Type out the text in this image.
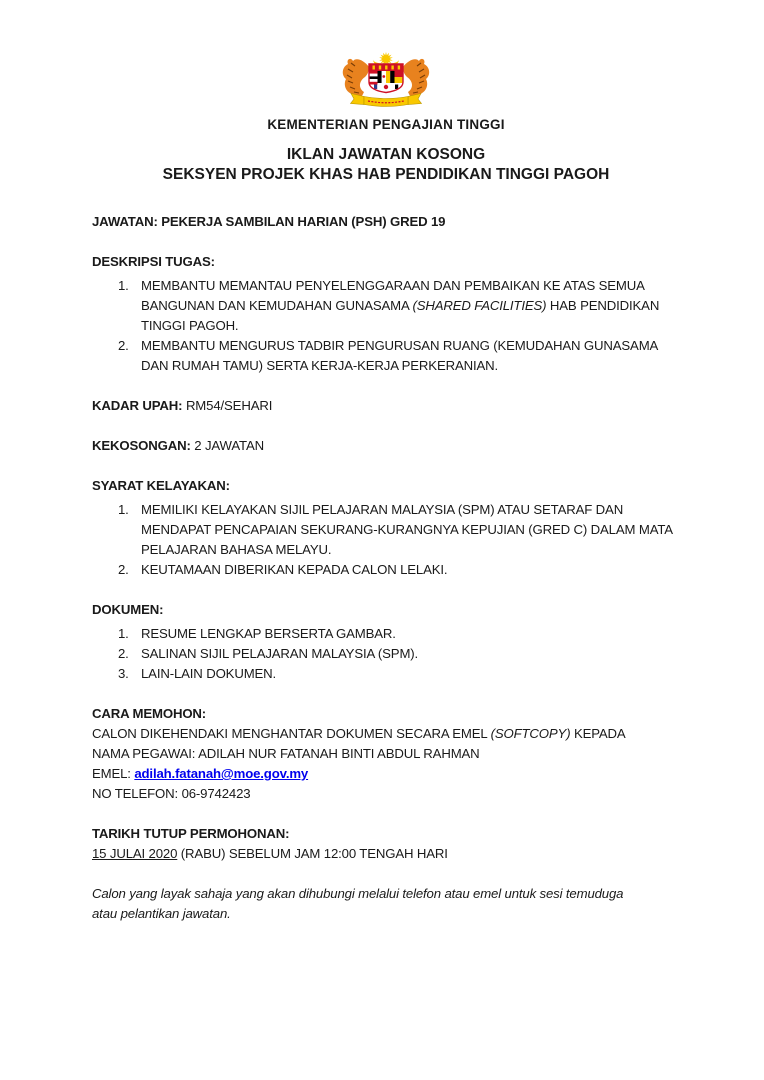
KEMENTERIAN PENGAJIAN TINGGI
IKLAN JAWATAN KOSONG
SEKSYEN PROJEK KHAS HAB PENDIDIKAN TINGGI PAGOH
JAWATAN: PEKERJA SAMBILAN HARIAN (PSH) GRED 19
DESKRIPSI TUGAS:
1. MEMBANTU MEMANTAU PENYELENGGARAAN DAN PEMBAIKAN KE ATAS SEMUA
BANGUNAN DAN KEMUDAHAN GUNASAMA (SHARED FACILITIES) HAB PENDIDIKAN
TINGGI PAGOH.
2. MEMBANTU MENGURUS TADBIR PENGURUSAN RUANG (KEMUDAHAN GUNASAMA
DAN RUMAH TAMU) SERTA KERJA-KERJA PERKERANIAN.
KADAR UPAH: RM54/SEHARI
KEKOSONGAN: 2 JAWATAN
SYARAT KELAYAKAN:
1. MEMILIKI KELAYAKAN SIJIL PELAJARAN MALAYSIA (SPM) ATAU SETARAF DAN
MENDAPAT PENCAPAIAN SEKURANG-KURANGNYA KEPUJIAN (GRED C) DALAM MATA
PELAJARAN BAHASA MELAYU.
2. KEUTAMAAN DIBERIKAN KEPADA CALON LELAKI.
DOKUMEN:
1. RESUME LENGKAP BERSERTA GAMBAR.
2. SALINAN SIJIL PELAJARAN MALAYSIA (SPM).
3. LAIN-LAIN DOKUMEN.
CARA MEMOHON:
CALON DIKEHENDAKI MENGHANTAR DOKUMEN SECARA EMEL (SOFTCOPY) KEPADA
NAMA PEGAWAI: ADILAH NUR FATANAH BINTI ABDUL RAHMAN
EMEL: adilah.fatanah@moe.gov.my
NO TELEFON: 06-9742423
TARIKH TUTUP PERMOHONAN:
15 JULAI 2020 (RABU) SEBELUM JAM 12:00 TENGAH HARI
Calon yang layak sahaja yang akan dihubungi melalui telefon atau emel untuk sesi temuduga
atau pelantikan jawatan.
